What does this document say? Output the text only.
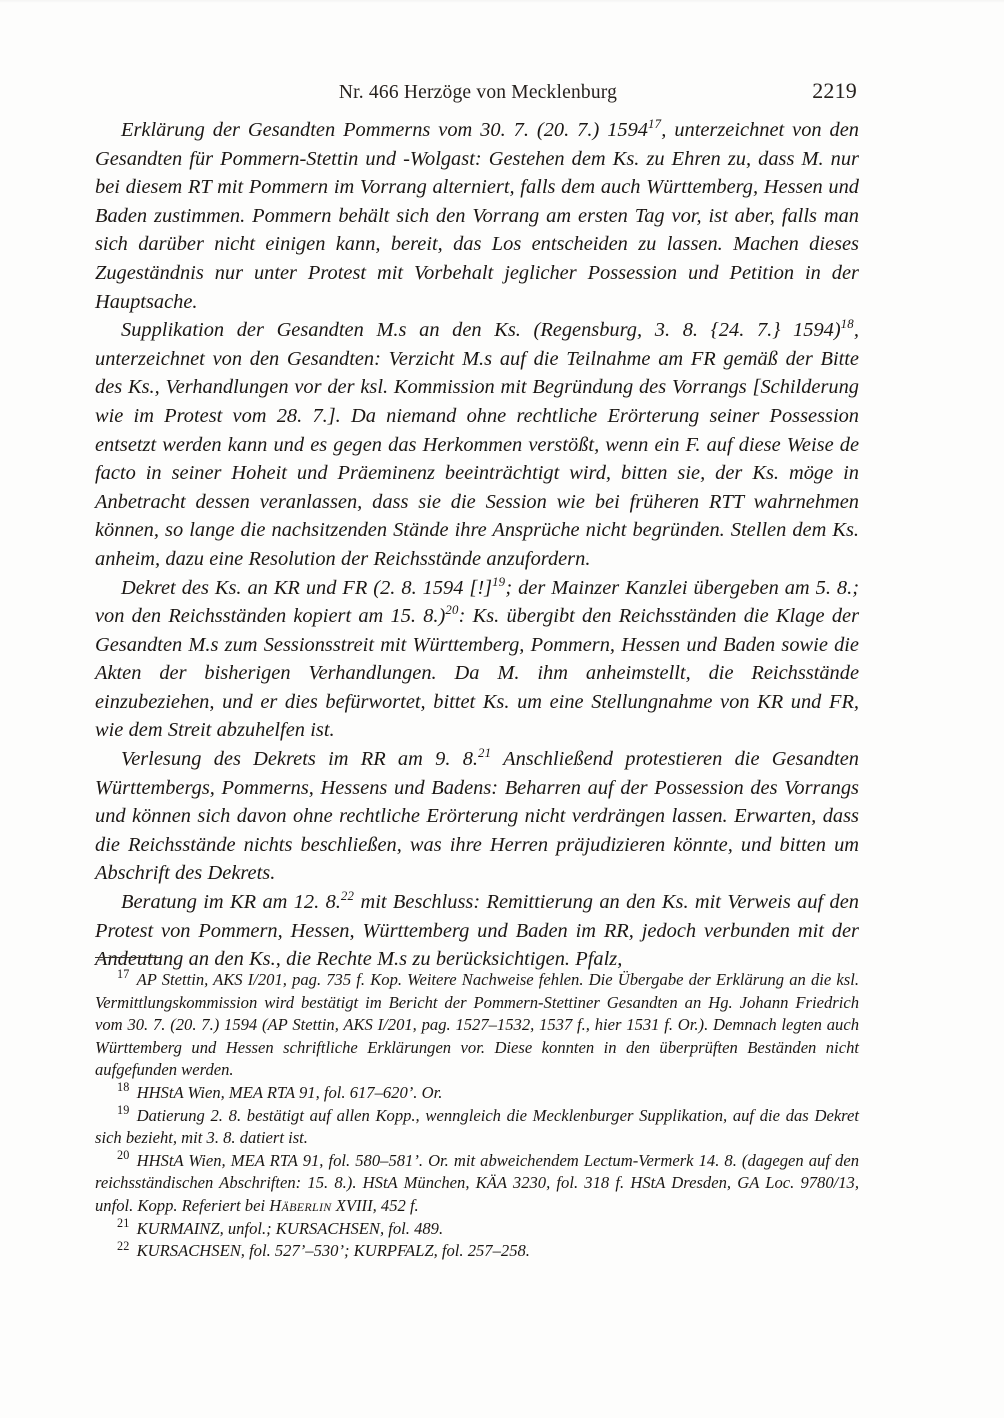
Nr. 466 Herzöge von Mecklenburg	2219

Erklärung der Gesandten Pommerns vom 30. 7. (20. 7.) 1594$^{17}$, unterzeichnet von den Gesandten für Pommern-Stettin und -Wolgast: Gestehen dem Ks. zu Ehren zu, dass M. nur bei diesem RT mit Pommern im Vorrang alterniert, falls dem auch Württemberg, Hessen und Baden zustimmen. Pommern behält sich den Vorrang am ersten Tag vor, ist aber, falls man sich darüber nicht einigen kann, bereit, das Los entscheiden zu lassen. Machen dieses Zugeständnis nur unter Protest mit Vorbehalt jeglicher Possession und Petition in der Hauptsache.

Supplikation der Gesandten M.s an den Ks. (Regensburg, 3. 8. {24. 7.} 1594)$^{18}$, unterzeichnet von den Gesandten: Verzicht M.s auf die Teilnahme am FR gemäß der Bitte des Ks., Verhandlungen vor der ksl. Kommission mit Begründung des Vorrangs [Schilderung wie im Protest vom 28. 7.]. Da niemand ohne rechtliche Erörterung seiner Possession entsetzt werden kann und es gegen das Herkommen verstößt, wenn ein F. auf diese Weise de facto in seiner Hoheit und Präeminenz beeinträchtigt wird, bitten sie, der Ks. möge in Anbetracht dessen veranlassen, dass sie die Session wie bei früheren RTT wahrnehmen können, so lange die nachsitzenden Stände ihre Ansprüche nicht begründen. Stellen dem Ks. anheim, dazu eine Resolution der Reichsstände anzufordern.

Dekret des Ks. an KR und FR (2. 8. 1594 [!]$^{19}$; der Mainzer Kanzlei übergeben am 5. 8.; von den Reichsständen kopiert am 15. 8.)$^{20}$: Ks. übergibt den Reichsständen die Klage der Gesandten M.s zum Sessionsstreit mit Württemberg, Pommern, Hessen und Baden sowie die Akten der bisherigen Verhandlungen. Da M. ihm anheimstellt, die Reichsstände einzubeziehen, und er dies befürwortet, bittet Ks. um eine Stellungnahme von KR und FR, wie dem Streit abzuhelfen ist.

Verlesung des Dekrets im RR am 9. 8.21 Anschließend protestieren die Gesandten Württembergs, Pommerns, Hessens und Badens: Beharren auf der Possession des Vorrangs und können sich davon ohne rechtliche Erörterung nicht verdrängen lassen. Erwarten, dass die Reichsstände nichts beschließen, was ihre Herren präjudizieren könnte, und bitten um Abschrift des Dekrets.

Beratung im KR am 12. 8.22 mit Beschluss: Remittierung an den Ks. mit Verweis auf den Protest von Pommern, Hessen, Württemberg und Baden im RR, jedoch verbunden mit der Andeutung an den Ks., die Rechte M.s zu berücksichtigen. Pfalz,

$^{17}$ AP Stettin, AKS I/201, pag. 735 f. Kop. Weitere Nachweise fehlen. Die Übergabe der Erklärung an die ksl. Vermittlungskommission wird bestätigt im Bericht der Pommern-Stettiner Gesandten an Hg. Johann Friedrich vom 30. 7. (20. 7.) 1594 (AP Stettin, AKS I/201, pag. 1527–1532, 1537 f., hier 1531 f. Or.). Demnach legten auch Württemberg und Hessen schriftliche Erklärungen vor. Diese konnten in den überprüften Beständen nicht aufgefunden werden.

$^{18}$ HHStA Wien, MEA RTA 91, fol. 617–620’. Or.

$^{19}$ Datierung 2. 8. bestätigt auf allen Kopp., wenngleich die Mecklenburger Supplikation, auf die das Dekret sich bezieht, mit 3. 8. datiert ist.

$^{20}$ HHStA Wien, MEA RTA 91, fol. 580–581’. Or. mit abweichendem Lectum-Vermerk 14. 8. (dagegen auf den reichsständischen Abschriften: 15. 8.). HStA München, KÄA 3230, fol. 318 f. HStA Dresden, GA Loc. 9780/13, unfol. Kopp. Referiert bei Häberlin XVIII, 452 f.

$^{21}$ KURMAINZ, unfol.; KURSACHSEN, fol. 489.

$^{22}$ KURSACHSEN, fol. 527’–530’; KURPFALZ, fol. 257–258.
